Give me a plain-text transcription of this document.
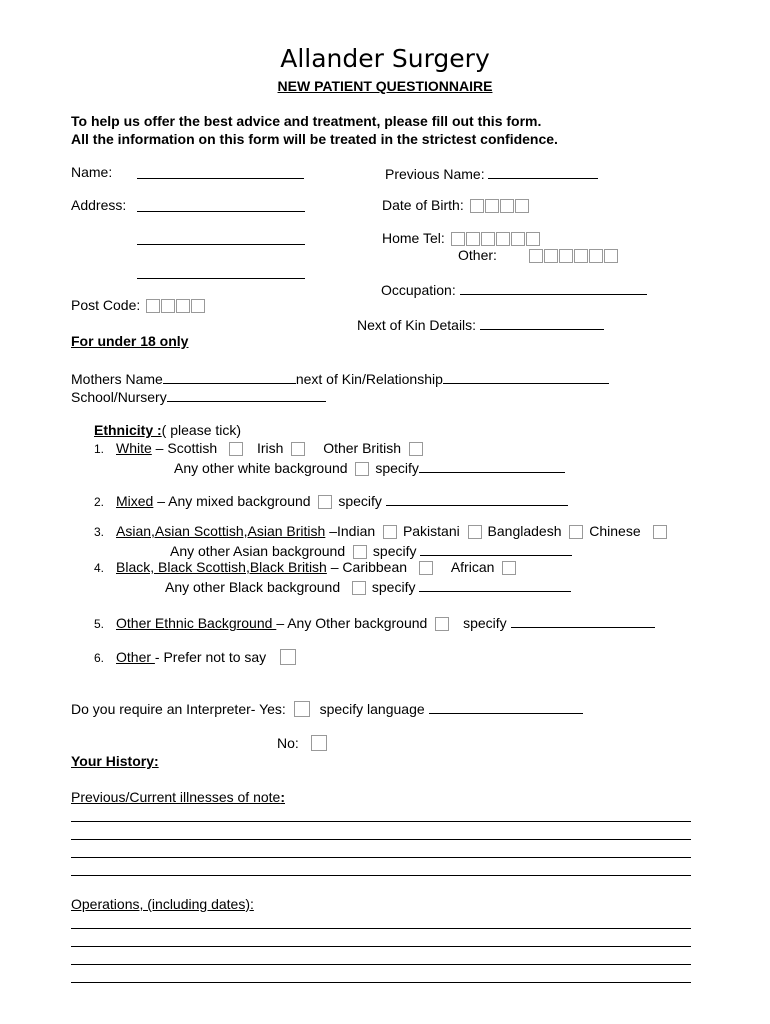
Allander Surgery
NEW PATIENT QUESTIONNAIRE
To help us offer the best advice and treatment, please fill out this form.
All the information on this form will be treated in the strictest confidence.
Name:	Previous Name:
Address:	Date of Birth:
Home Tel:
Other:
Occupation:
Post Code:
Next of Kin Details:
For under 18 only
Mothers Name	next of Kin/Relationship
School/Nursery
Ethnicity :( please tick)
1. White – Scottish	Irish	Other British
Any other white background specify
2. Mixed – Any mixed background specify
3. Asian,Asian Scottish,Asian British –Indian Pakistani Bangladesh Chinese
Any other Asian background specify
4. Black, Black Scottish,Black British – Caribbean	African
Any other Black background specify
5. Other Ethnic Background – Any Other background	specify
6. Other - Prefer not to say
Do you require an Interpreter- Yes: specify language
No:
Your History:
Previous/Current illnesses of note:
Operations, (including dates):
